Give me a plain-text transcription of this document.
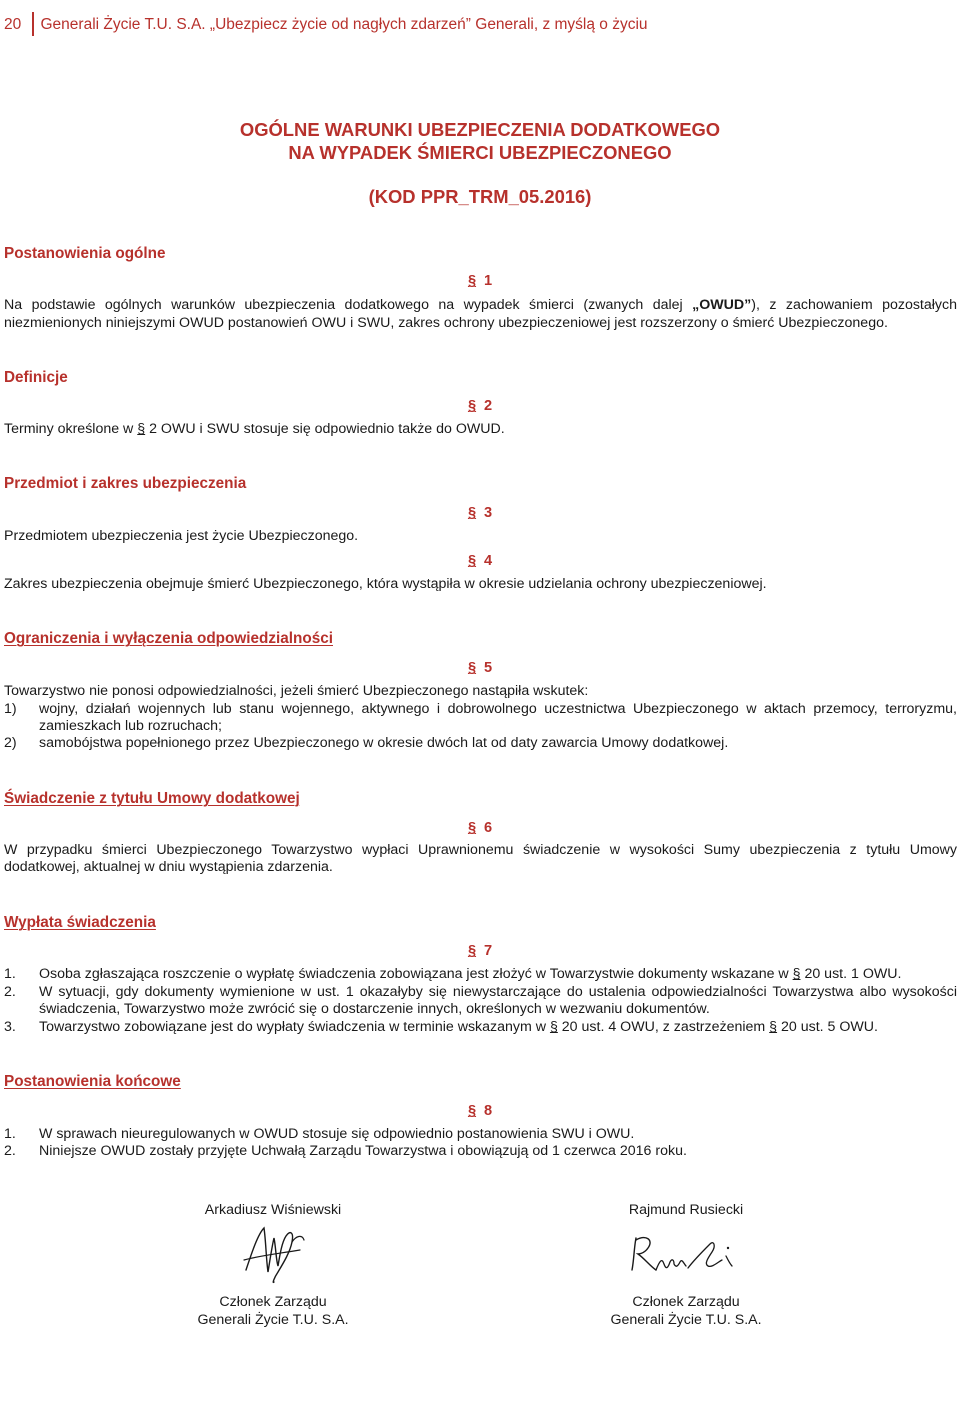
20	Generali Życie T.U. S.A. „Ubezpiecz życie od nagłych zdarzeń” Generali, z myślą o życiu
OGÓLNE WARUNKI UBEZPIECZENIA DODATKOWEGO
NA WYPADEK ŚMIERCI UBEZPIECZONEGO
(KOD PPR_TRM_05.2016)
Postanowienia ogólne
§ 1
Na podstawie ogólnych warunków ubezpieczenia dodatkowego na wypadek śmierci (zwanych dalej „OWUD”), z zachowaniem pozostałych
niezmienionych niniejszymi OWUD postanowień OWU i SWU, zakres ochrony ubezpieczeniowej jest rozszerzony o śmierć Ubezpieczonego.
Definicje
§ 2
Terminy określone w § 2 OWU i SWU stosuje się odpowiednio także do OWUD.
Przedmiot i zakres ubezpieczenia
§ 3
Przedmiotem ubezpieczenia jest życie Ubezpieczonego.
§ 4
Zakres ubezpieczenia obejmuje śmierć Ubezpieczonego, która wystąpiła w okresie udzielania ochrony ubezpieczeniowej.
Ograniczenia i wyłączenia odpowiedzialności
§ 5
Towarzystwo nie ponosi odpowiedzialności, jeżeli śmierć Ubezpieczonego nastąpiła wskutek:
1) wojny, działań wojennych lub stanu wojennego, aktywnego i dobrowolnego uczestnictwa Ubezpieczonego w aktach przemocy, terroryzmu, zamieszkach lub rozruchach;
2) samobójstwa popełnionego przez Ubezpieczonego w okresie dwóch lat od daty zawarcia Umowy dodatkowej.
Świadczenie z tytułu Umowy dodatkowej
§ 6
W przypadku śmierci Ubezpieczonego Towarzystwo wypłaci Uprawnionemu świadczenie w wysokości Sumy ubezpieczenia z tytułu Umowy dodatkowej, aktualnej w dniu wystąpienia zdarzenia.
Wypłata świadczenia
§ 7
1. Osoba zgłaszająca roszczenie o wypłatę świadczenia zobowiązana jest złożyć w Towarzystwie dokumenty wskazane w § 20 ust. 1 OWU.
2. W sytuacji, gdy dokumenty wymienione w ust. 1 okazałyby się niewystarczające do ustalenia odpowiedzialności Towarzystwa albo wysokości świadczenia, Towarzystwo może zwrócić się o dostarczenie innych, określonych w wezwaniu dokumentów.
3. Towarzystwo zobowiązane jest do wypłaty świadczenia w terminie wskazanym w § 20 ust. 4 OWU, z zastrzeżeniem § 20 ust. 5 OWU.
Postanowienia końcowe
§ 8
1. W sprawach nieuregulowanych w OWUD stosuje się odpowiednio postanowienia SWU i OWU.
2. Niniejsze OWUD zostały przyjęte Uchwałą Zarządu Towarzystwa i obowiązują od 1 czerwca 2016 roku.
Arkadiusz Wiśniewski
Członek Zarządu
Generali Życie T.U. S.A.
Rajmund Rusiecki
Członek Zarządu
Generali Życie T.U. S.A.
